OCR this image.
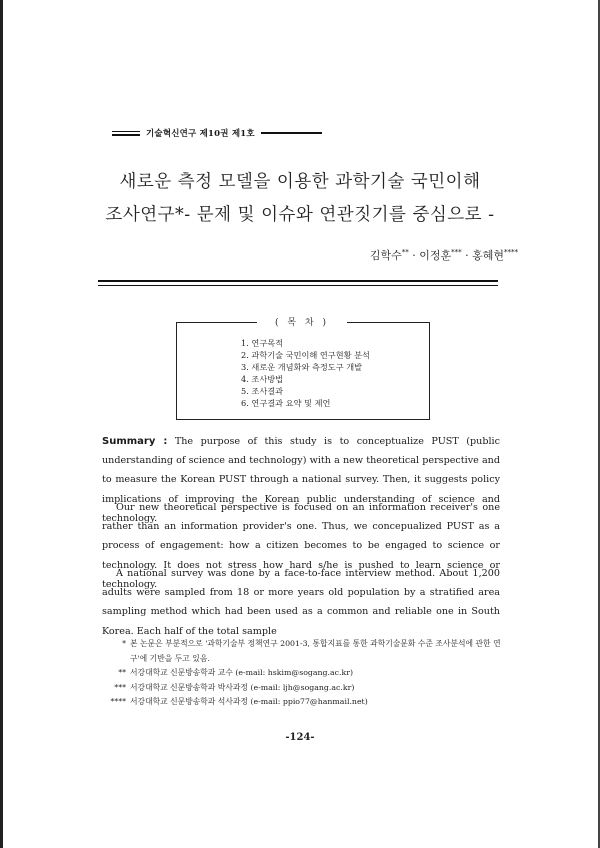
기술혁신연구 제10권 제1호
새로운 측정 모델을 이용한 과학기술 국민이해
조사연구*- 문제 및 이슈와 연관짓기를 중심으로 -
김학수** · 이정훈*** · 홍혜현****
( 목 차 )
1. 연구목적
2. 과학기술 국민이해 연구현황 분석
3. 새로운 개념화와 측정도구 개발
4. 조사방법
5. 조사결과
6. 연구결과 요약 및 제언

Summary : The purpose of this study is to conceptualize PUST (public understanding of science and technology) with a new theoretical perspective and to measure the Korean PUST through a national survey. Then, it suggests policy implications of improving the Korean public understanding of science and technology.

Our new theoretical perspective is focused on an information receiver's one rather than an information provider's one. Thus, we concepualized PUST as a process of engagement: how a citizen becomes to be engaged to science or technology. It does not stress how hard s/he is pushed to learn science or technology.

A national survey was done by a face-to-face interview method. About 1,200 adults were sampled from 18 or more years old population by a stratified area sampling method which had been used as a common and reliable one in South Korea. Each half of the total sample

* 본 논문은 부분적으로 '과학기술부 정책연구 2001-3, 통합지표를 통한 과학기술문화 수준 조사분석에 관한 연구'에 기반을 두고 있음.
** 서강대학교 신문방송학과 교수 (e-mail: hskim@sogang.ac.kr)
*** 서강대학교 신문방송학과 박사과정 (e-mail: ljh@sogang.ac.kr)
**** 서강대학교 신문방송학과 석사과정 (e-mail: ppio77@hanmail.net)
-124-
